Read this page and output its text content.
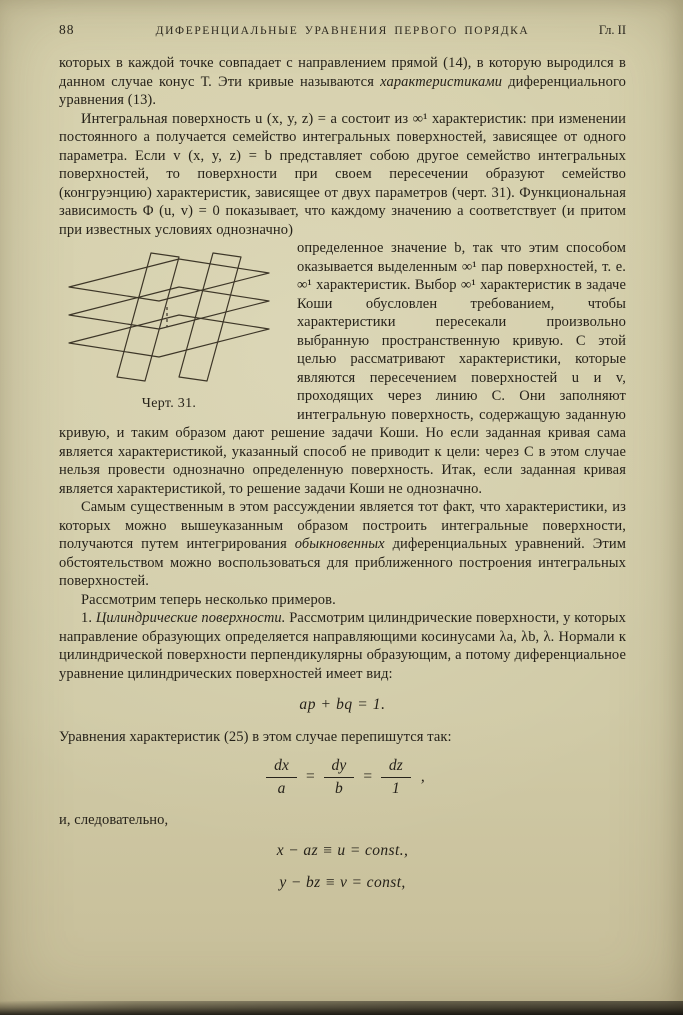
88	ДИФЕРЕНЦИАЛЬНЫЕ УРАВНЕНИЯ ПЕРВОГО ПОРЯДКА	Гл. II

которых в каждой точке совпадает с направлением прямой (14), в которую выродился в данном случае конус Т. Эти кривые называются характеристиками диференциального уравнения (13).

Интегральная поверхность u (x, y, z) = a состоит из ∞¹ характеристик: при изменении постоянного a получается семейство интегральных поверхностей, зависящее от одного параметра. Если v (x, y, z) = b представляет собою другое семейство интегральных поверхностей, то поверхности при своем пересечении образуют семейство (конгруэнцию) характеристик, зависящее от двух параметров (черт. 31). Функциональная зависимость Φ (u, v) = 0 показывает, что каждому значению a соответствует (и притом при известных условиях однозначно)

Черт. 31.

определенное значение b, так что этим способом оказывается выделенным ∞¹ пар поверхностей, т. е. ∞¹ характеристик. Выбор ∞¹ характеристик в задаче Коши обусловлен требованием, чтобы характеристики пересекали произвольно выбранную пространственную кривую. С этой целью рассматривают характеристики, которые являются пересечением поверхностей u и v, проходящих через линию C. Они заполняют интегральную поверхность, содержащую заданную кривую, и таким образом дают решение задачи Коши. Но если заданная кривая сама является характеристикой, указанный способ не приводит к цели: через C в этом случае нельзя провести однозначно определенную поверхность. Итак, если заданная кривая является характеристикой, то решение задачи Коши не однозначно.

Самым существенным в этом рассуждении является тот факт, что характеристики, из которых можно вышеуказанным образом построить интегральные поверхности, получаются путем интегрирования обыкновенных диференциальных уравнений. Этим обстоятельством можно воспользоваться для приближенного построения интегральных поверхностей.

Рассмотрим теперь несколько примеров.

1. Цилиндрические поверхности. Рассмотрим цилиндрические поверхности, у которых направление образующих определяется направляющими косинусами λa, λb, λ. Нормали к цилиндрической поверхности перпендикулярны образующим, а потому диференциальное уравнение цилиндрических поверхностей имеет вид:

ap + bq = 1.

Уравнения характеристик (25) в этом случае перепишутся так:

$\frac{dx}{a} = \frac{dy}{b} = \frac{dz}{1}$ ,

и, следовательно,

x − az ≡ u = const.,
y − bz ≡ v = const,
